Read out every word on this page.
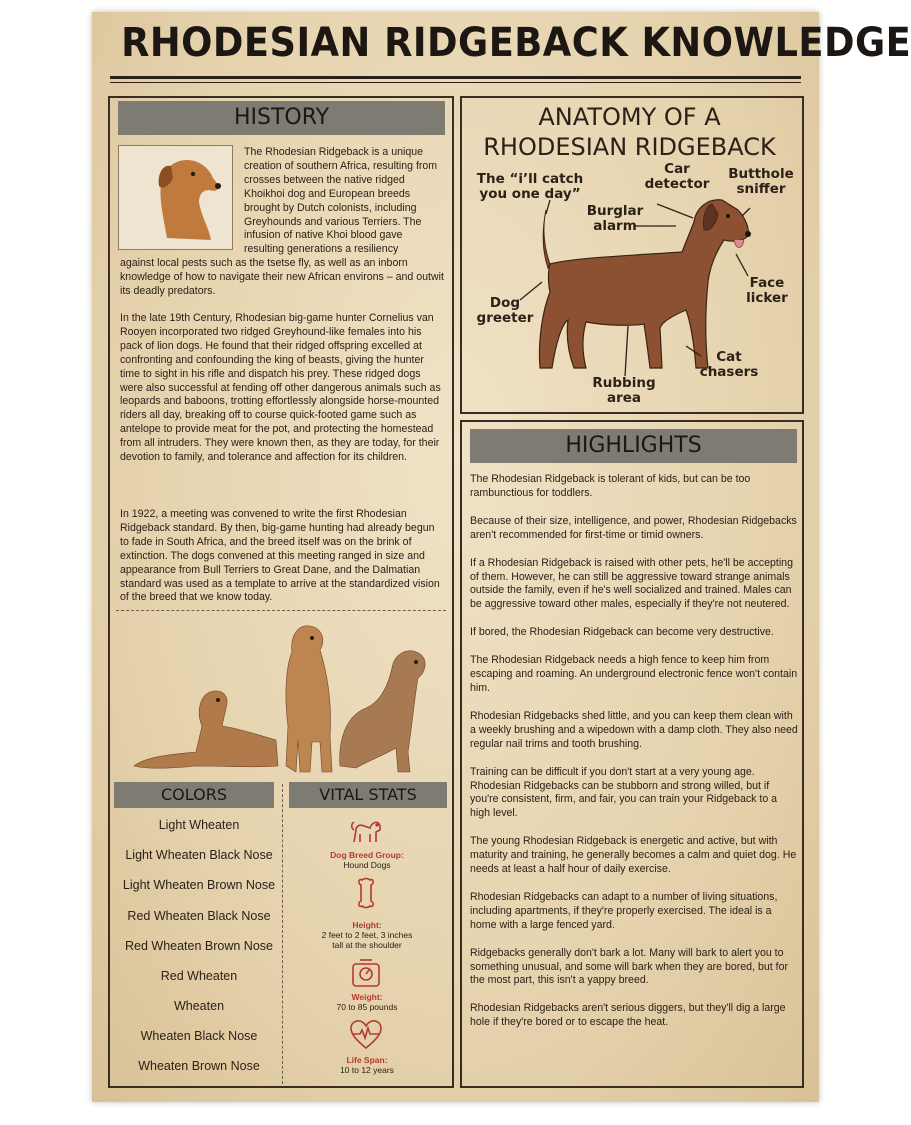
RHODESIAN RIDGEBACK KNOWLEDGE
HISTORY

The Rhodesian Ridgeback is a unique creation of southern Africa, resulting from crosses between the native ridged Khoikhoi dog and European breeds brought by Dutch colonists, including Greyhounds and various Terriers. The infusion of native Khoi blood gave resulting generations a resiliency

against local pests such as the tsetse fly, as well as an inborn knowledge of how to navigate their new African environs – and outwit its deadly predators.

In the late 19th Century, Rhodesian big-game hunter Cornelius van Rooyen incorporated two ridged Greyhound-like females into his pack of lion dogs. He found that their ridged offspring excelled at confronting and confounding the king of beasts, giving the hunter time to sight in his rifle and dispatch his prey. These ridged dogs were also successful at fending off other dangerous animals such as leopards and baboons, trotting effortlessly alongside horse-mounted riders all day, breaking off to course quick-footed game such as antelope to provide meat for the pot, and protecting the homestead from all intruders. They were known then, as they are today, for their devotion to family, and tolerance and affection for its children.

In 1922, a meeting was convened to write the first Rhodesian Ridgeback standard. By then, big-game hunting had already begun to fade in South Africa, and the breed itself was on the brink of extinction. The dogs convened at this meeting ranged in size and appearance from Bull Terriers to Great Dane, and the Dalmatian standard was used as a template to arrive at the standardized vision of the breed that we know today.

COLORS
Light Wheaten
Light Wheaten Black Nose
Light Wheaten Brown Nose
Red Wheaten Black Nose
Red Wheaten Brown Nose
Red Wheaten
Wheaten
Wheaten Black Nose
Wheaten Brown Nose
VITAL STATS
Dog Breed Group:
Hound Dogs
Height:
2 feet to 2 feet, 3 inches
tall at the shoulder
Weight:
70 to 85 pounds
Life Span:
10 to 12 years
ANATOMY OF A
RHODESIAN RIDGEBACK
The “i’ll catch
you one day”
Car
detector
Butthole
sniffer
Burglar
alarm
Face
licker
Dog
greeter
Cat
chasers
Rubbing
area
HIGHLIGHTS

The Rhodesian Ridgeback is tolerant of kids, but can be too rambunctious for toddlers.

Because of their size, intelligence, and power, Rhodesian Ridgebacks aren't recommended for first-time or timid owners.

If a Rhodesian Ridgeback is raised with other pets, he'll be accepting of them. However, he can still be aggressive toward strange animals outside the family, even if he's well socialized and trained. Males can be aggressive toward other males, especially if they're not neutered.

If bored, the Rhodesian Ridgeback can become very destructive.

The Rhodesian Ridgeback needs a high fence to keep him from escaping and roaming. An underground electronic fence won't contain him.

Rhodesian Ridgebacks shed little, and you can keep them clean with a weekly brushing and a wipedown with a damp cloth. They also need regular nail trims and tooth brushing.

Training can be difficult if you don't start at a very young age. Rhodesian Ridgebacks can be stubborn and strong willed, but if you're consistent, firm, and fair, you can train your Ridgeback to a high level.

The young Rhodesian Ridgeback is energetic and active, but with maturity and training, he generally becomes a calm and quiet dog. He needs at least a half hour of daily exercise.

Rhodesian Ridgebacks can adapt to a number of living situations, including apartments, if they're properly exercised. The ideal is a home with a large fenced yard.

Ridgebacks generally don't bark a lot. Many will bark to alert you to something unusual, and some will bark when they are bored, but for the most part, this isn't a yappy breed.

Rhodesian Ridgebacks aren't serious diggers, but they'll dig a large hole if they're bored or to escape the heat.
